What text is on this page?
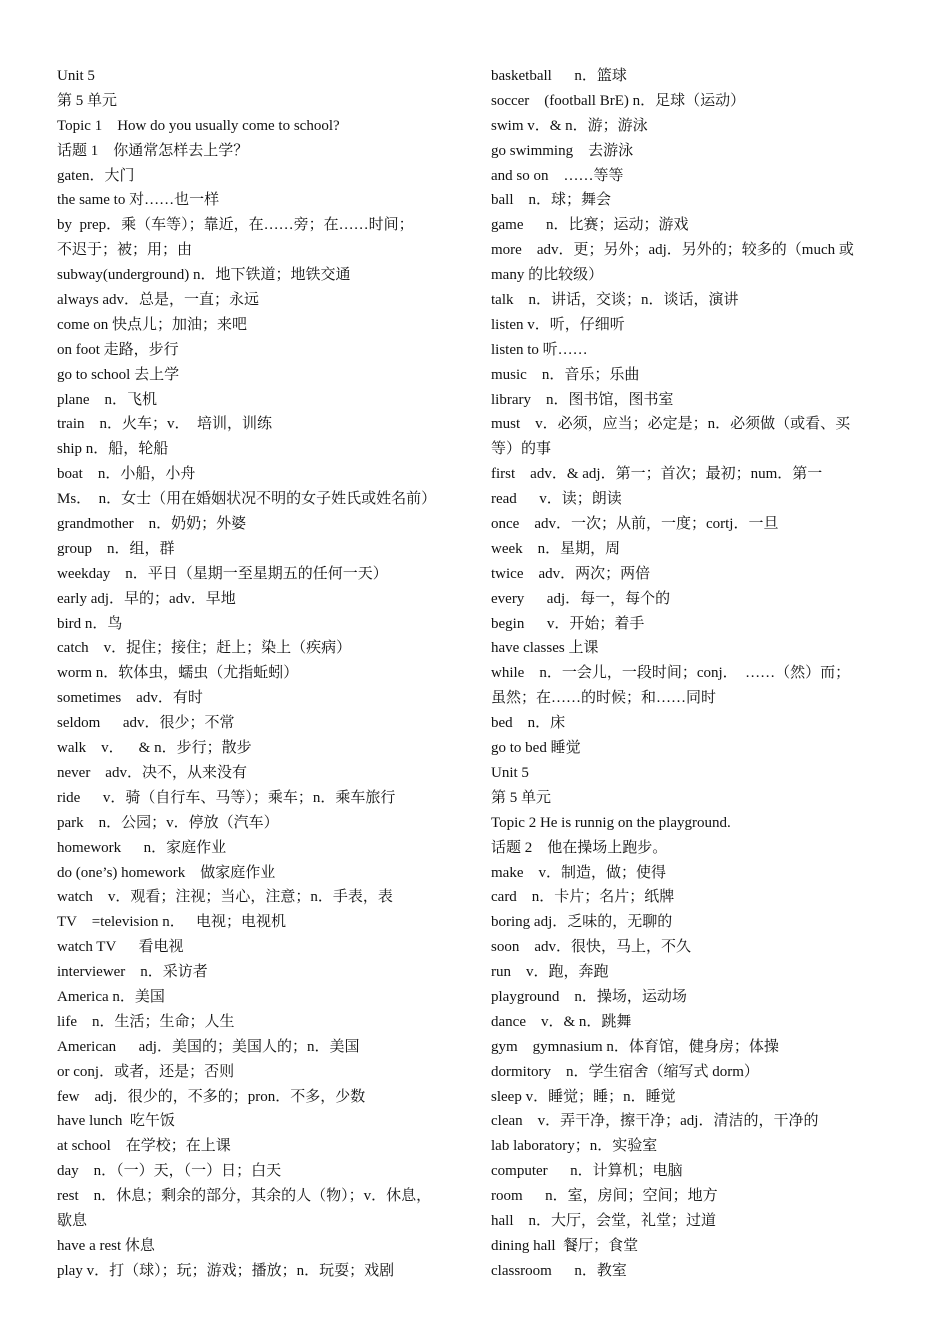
Unit 5
第 5 单元
Topic 1    How do you usually come to school?
话题 1    你通常怎样去上学？
gaten．大门
the same to 对……也一样
by  prep．乘（车等）；靠近，在……旁；在……时间；
不迟于；被；用；由
subway(underground) n．地下铁道；地铁交通
always adv．总是，一直；永远
come on 快点儿；加油；来吧
on foot 走路，步行
go to school 去上学
plane    n．飞机
train    n．火车；v．  培训，训练
ship n．船，轮船
boat    n．小船，小舟
Ms．  n．女士（用在婚姻状况不明的女子姓氏或姓名前）
grandmother    n．奶奶；外婆
group    n．组，群
weekday    n．平日（星期一至星期五的任何一天）
early adj．早的；adv．早地
bird n．鸟
catch    v．捉住；接住；赶上；染上（疾病）
worm n．软体虫，蠕虫（尤指蚯蚓）
sometimes    adv．有时
seldom      adv．很少；不常
walk    v．    & n．步行；散步
never    adv．决不，从来没有
ride      v．骑（自行车、马等）；乘车；n．乘车旅行
park    n．公园；v．停放（汽车）
homework      n．家庭作业
do (one’s) homework    做家庭作业
watch    v．观看；注视；当心，注意；n．手表，表
TV    =television n．   电视；电视机
watch TV      看电视
interviewer    n．采访者
America n．美国
life    n．生活；生命；人生
American      adj．美国的；美国人的；n．美国
or conj．或者，还是；否则
few    adj．很少的，不多的；pron．不多，少数
have lunch  吃午饭
at school    在学校；在上课
day    n．（一）天，（一）日；白天
rest    n．休息；剩余的部分，其余的人（物）；v．休息，
歇息
have a rest 休息
play v．打（球）；玩；游戏；播放；n．玩耍；戏剧
basketball      n．篮球
soccer    (football BrE) n．足球（运动）
swim v．& n．游；游泳
go swimming    去游泳
and so on    ……等等
ball    n．球；舞会
game      n．比赛；运动；游戏
more    adv．更；另外；adj．另外的；较多的（much 或
many 的比较级）
talk    n．讲话，交谈；n．谈话，演讲
listen v．听，仔细听
listen to 听……
music    n．音乐；乐曲
library    n．图书馆，图书室
must    v．必须，应当；必定是；n．必须做（或看、买
等）的事
first    adv．& adj．第一；首次；最初；num．第一
read      v．读；朗读
once    adv．一次；从前，一度；cortj．一旦
week    n．星期，周
twice    adv．两次；两倍
every      adj．每一，每个的
begin      v．开始；着手
have classes 上课
while    n．一会儿，一段时间；conj．  ……（然）而；
虽然；在……的时候；和……同时
bed    n．床
go to bed 睡觉
Unit 5
第 5 单元
Topic 2 He is runnig on the playground.
话题 2    他在操场上跑步。
make    v．制造，做；使得
card    n．卡片；名片；纸牌
boring adj．乏味的，无聊的
soon    adv．很快，马上，不久
run    v．跑，奔跑
playground    n．操场，运动场
dance    v．& n．跳舞
gym    gymnasium n．体育馆，健身房；体操
dormitory    n．学生宿舍（缩写式 dorm）
sleep v．睡觉；睡；n．睡觉
clean    v．弄干净，擦干净；adj．清洁的，干净的
lab laboratory；n．实验室
computer      n．计算机；电脑
room      n．室，房间；空间；地方
hall    n．大厅，会堂，礼堂；过道
dining hall  餐厅；食堂
classroom      n．教室
